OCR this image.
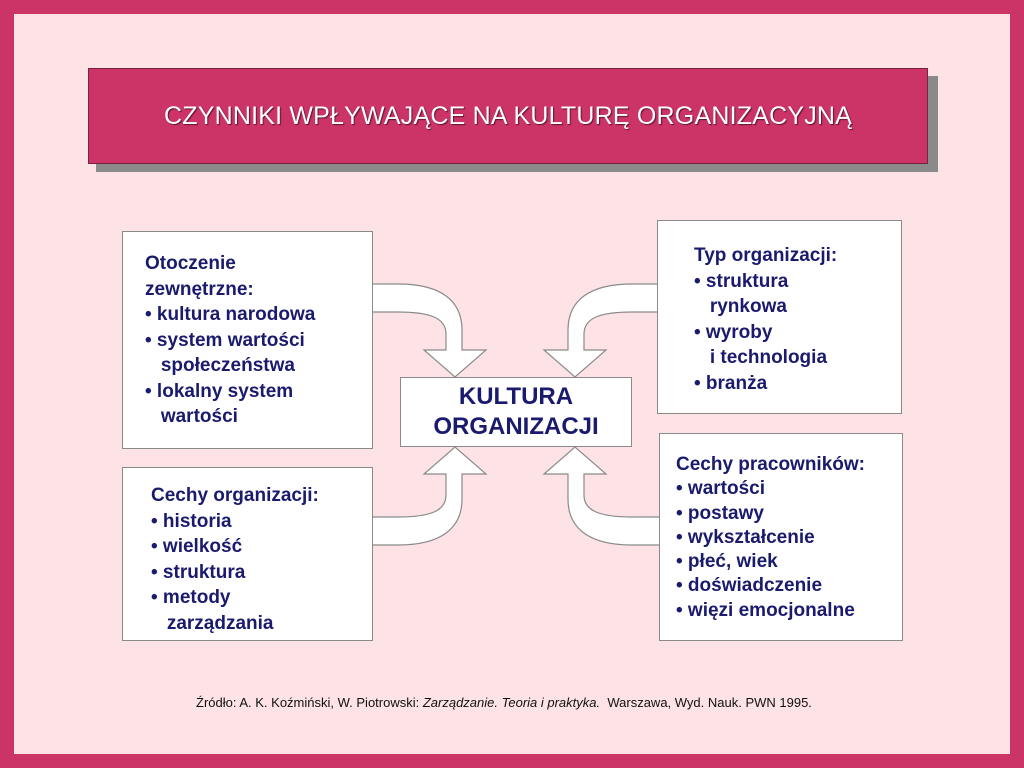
CZYNNIKI WPŁYWAJĄCE NA KULTURĘ ORGANIZACYJNĄ
Otoczenie
zewnętrzne:
• kultura narodowa
• system wartości
społeczeństwa
• lokalny system
wartości
Typ organizacji:
• struktura
rynkowa
• wyroby
i technologia
• branża
KULTURA
ORGANIZACJI
Cechy organizacji:
• historia
• wielkość
• struktura
• metody
zarządzania
Cechy pracowników:
• wartości
• postawy
• wykształcenie
• płeć, wiek
• doświadczenie
• więzi emocjonalne
Źródło: A. K. Koźmiński, W. Piotrowski: Zarządzanie. Teoria i praktyka.  Warszawa, Wyd. Nauk. PWN 1995.
